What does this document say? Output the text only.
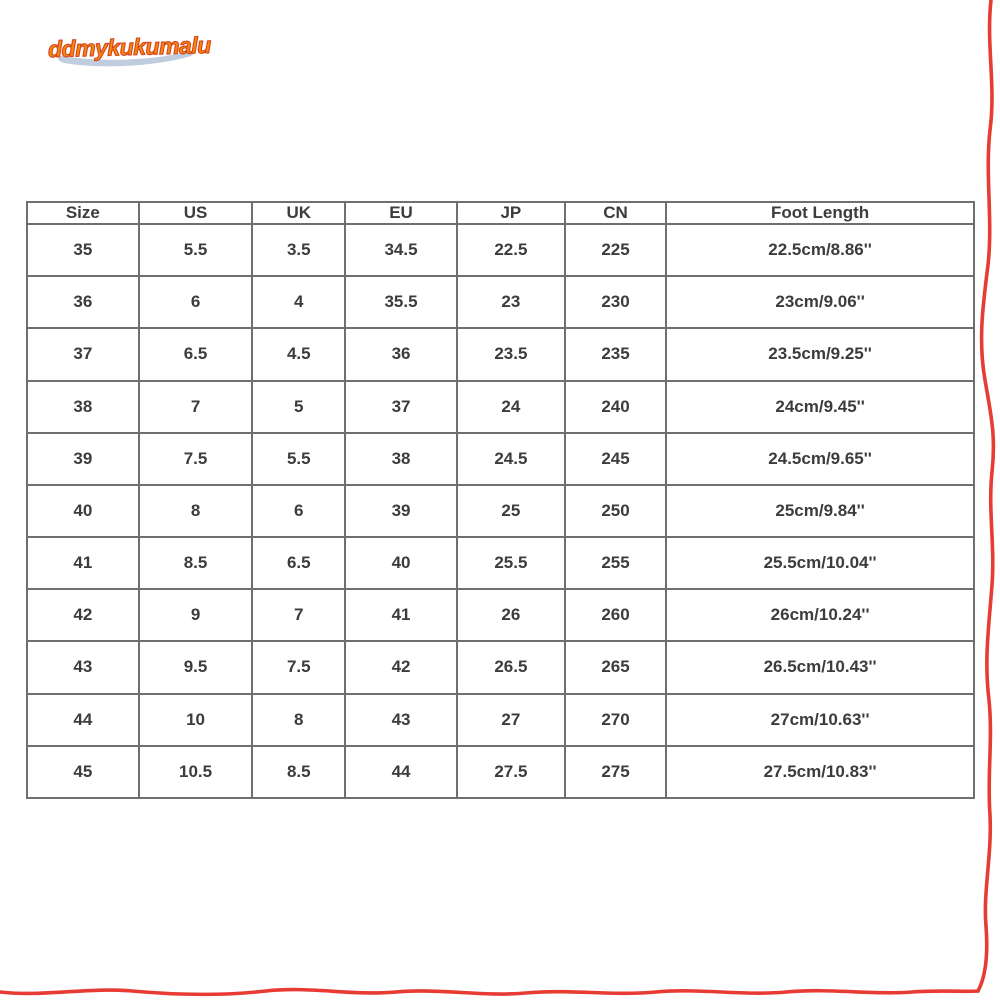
ddmykukumalu
Size	US	UK	EU	JP	CN	Foot Length
35	5.5	3.5	34.5	22.5	225	22.5cm/8.86''
36	6	4	35.5	23	230	23cm/9.06''
37	6.5	4.5	36	23.5	235	23.5cm/9.25''
38	7	5	37	24	240	24cm/9.45''
39	7.5	5.5	38	24.5	245	24.5cm/9.65''
40	8	6	39	25	250	25cm/9.84''
41	8.5	6.5	40	25.5	255	25.5cm/10.04''
42	9	7	41	26	260	26cm/10.24''
43	9.5	7.5	42	26.5	265	26.5cm/10.43''
44	10	8	43	27	270	27cm/10.63''
45	10.5	8.5	44	27.5	275	27.5cm/10.83''
